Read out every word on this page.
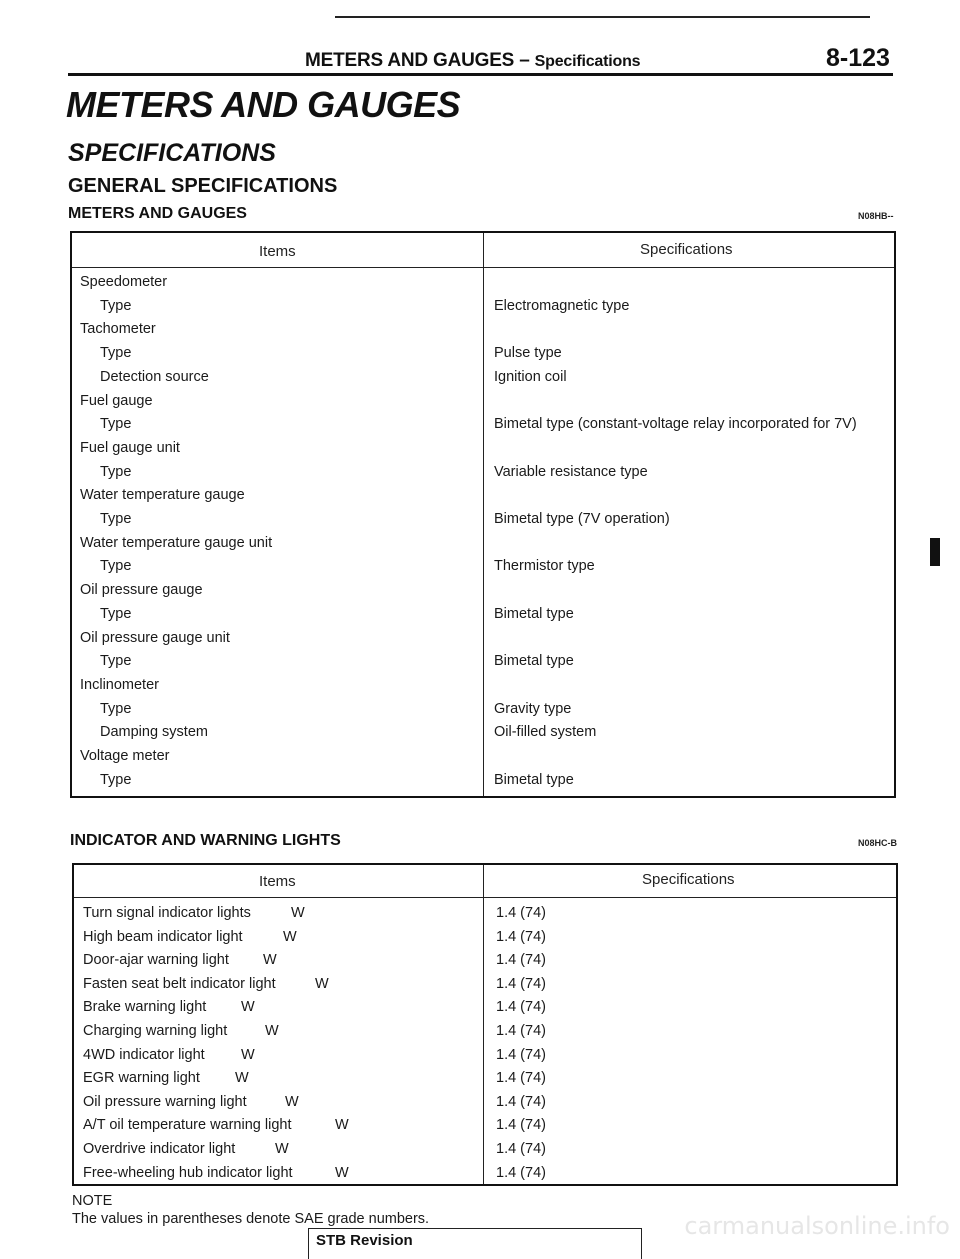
METERS AND GAUGES – Specifications	8-123
METERS AND GAUGES
SPECIFICATIONS
GENERAL SPECIFICATIONS
METERS AND GAUGES	N08HB--
Items	Specifications
Speedometer
Type	Electromagnetic type
Tachometer
Type	Pulse type
Detection source	Ignition coil
Fuel gauge
Type	Bimetal type (constant-voltage relay incorporated for 7V)
Fuel gauge unit
Type	Variable resistance type
Water temperature gauge
Type	Bimetal type (7V operation)
Water temperature gauge unit
Type	Thermistor type
Oil pressure gauge
Type	Bimetal type
Oil pressure gauge unit
Type	Bimetal type
Inclinometer
Type	Gravity type
Damping system	Oil-filled system
Voltage meter
Type	Bimetal type
INDICATOR AND WARNING LIGHTS	N08HC-B
Items	Specifications
Turn signal indicator lights	W	1.4 (74)
High beam indicator light	W	1.4 (74)
Door-ajar warning light W	1.4 (74)
Fasten seat belt indicator light	W	1.4 (74)
Brake warning light W	1.4 (74)
Charging warning light	W	1.4 (74)
4WD indicator light	W	1.4 (74)
EGR warning light W	1.4 (74)
Oil pressure warning light	W	1.4 (74)
A/T oil temperature warning light	W	1.4 (74)
Overdrive indicator light	W	1.4 (74)
Free-wheeling hub indicator light	W	1.4 (74)
NOTE
The values in parentheses denote SAE grade numbers.
STB Revision
carmanualsonline.info
